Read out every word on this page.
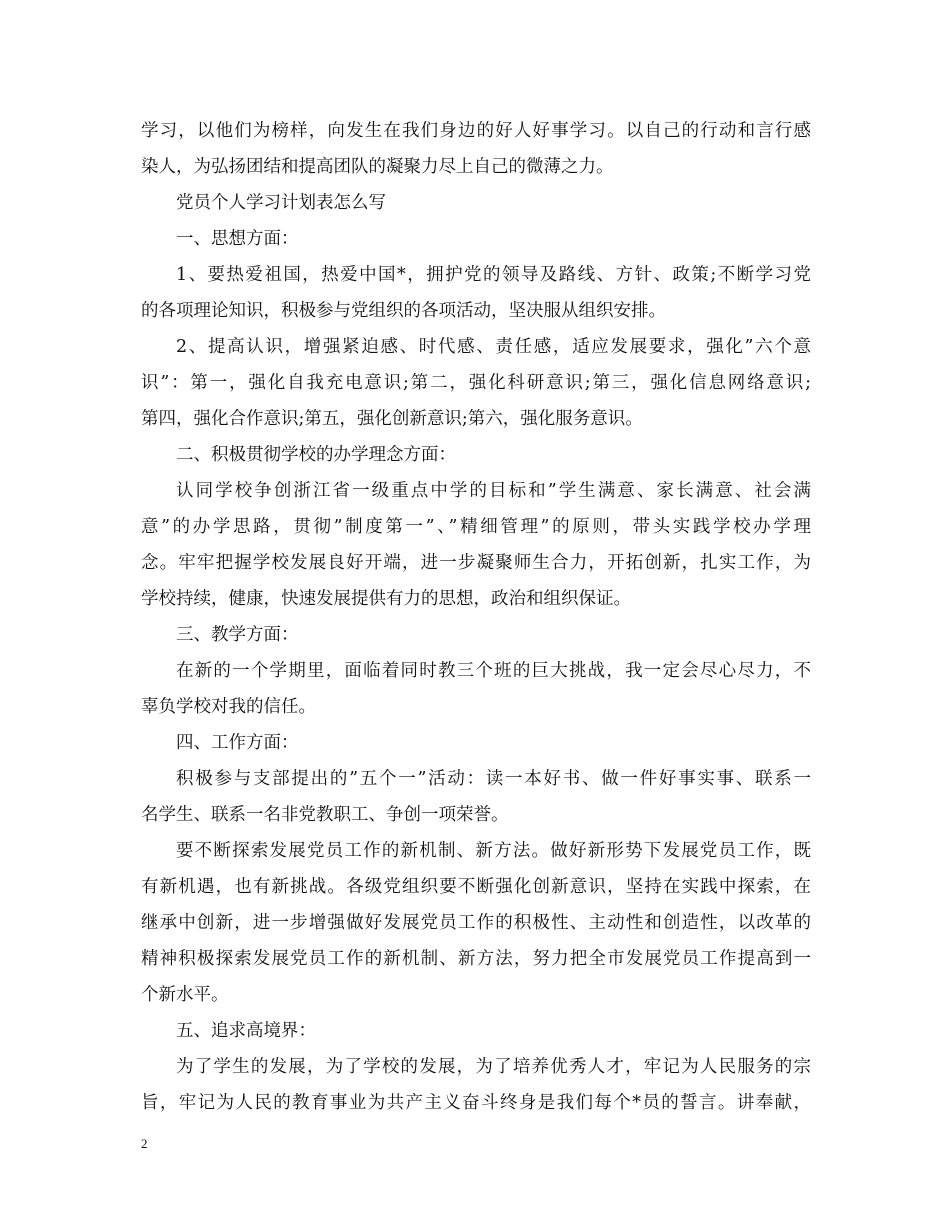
学习，以他们为榜样，向发生在我们身边的好人好事学习。以自己的行动和言行感
染人，为弘扬团结和提高团队的凝聚力尽上自己的微薄之力。
党员个人学习计划表怎么写
一、思想方面：
1、要热爱祖国，热爱中国*，拥护党的领导及路线、方针、政策;不断学习党
的各项理论知识，积极参与党组织的各项活动，坚决服从组织安排。
2、提高认识，增强紧迫感、时代感、责任感，适应发展要求，强化”六个意
识”：第一，强化自我充电意识;第二，强化科研意识;第三，强化信息网络意识;
第四，强化合作意识;第五，强化创新意识;第六，强化服务意识。
二、积极贯彻学校的办学理念方面：
认同学校争创浙江省一级重点中学的目标和”学生满意、家长满意、社会满
意”的办学思路，贯彻”制度第一”、”精细管理”的原则，带头实践学校办学理
念。牢牢把握学校发展良好开端，进一步凝聚师生合力，开拓创新，扎实工作，为
学校持续，健康，快速发展提供有力的思想，政治和组织保证。
三、教学方面：
在新的一个学期里，面临着同时教三个班的巨大挑战，我一定会尽心尽力，不
辜负学校对我的信任。
四、工作方面：
积极参与支部提出的”五个一”活动：读一本好书、做一件好事实事、联系一
名学生、联系一名非党教职工、争创一项荣誉。
要不断探索发展党员工作的新机制、新方法。做好新形势下发展党员工作，既
有新机遇，也有新挑战。各级党组织要不断强化创新意识，坚持在实践中探索，在
继承中创新，进一步增强做好发展党员工作的积极性、主动性和创造性，以改革的
精神积极探索发展党员工作的新机制、新方法，努力把全市发展党员工作提高到一
个新水平。
五、追求高境界：
为了学生的发展，为了学校的发展，为了培养优秀人才，牢记为人民服务的宗
旨，牢记为人民的教育事业为共产主义奋斗终身是我们每个*员的誓言。讲奉献，
2
